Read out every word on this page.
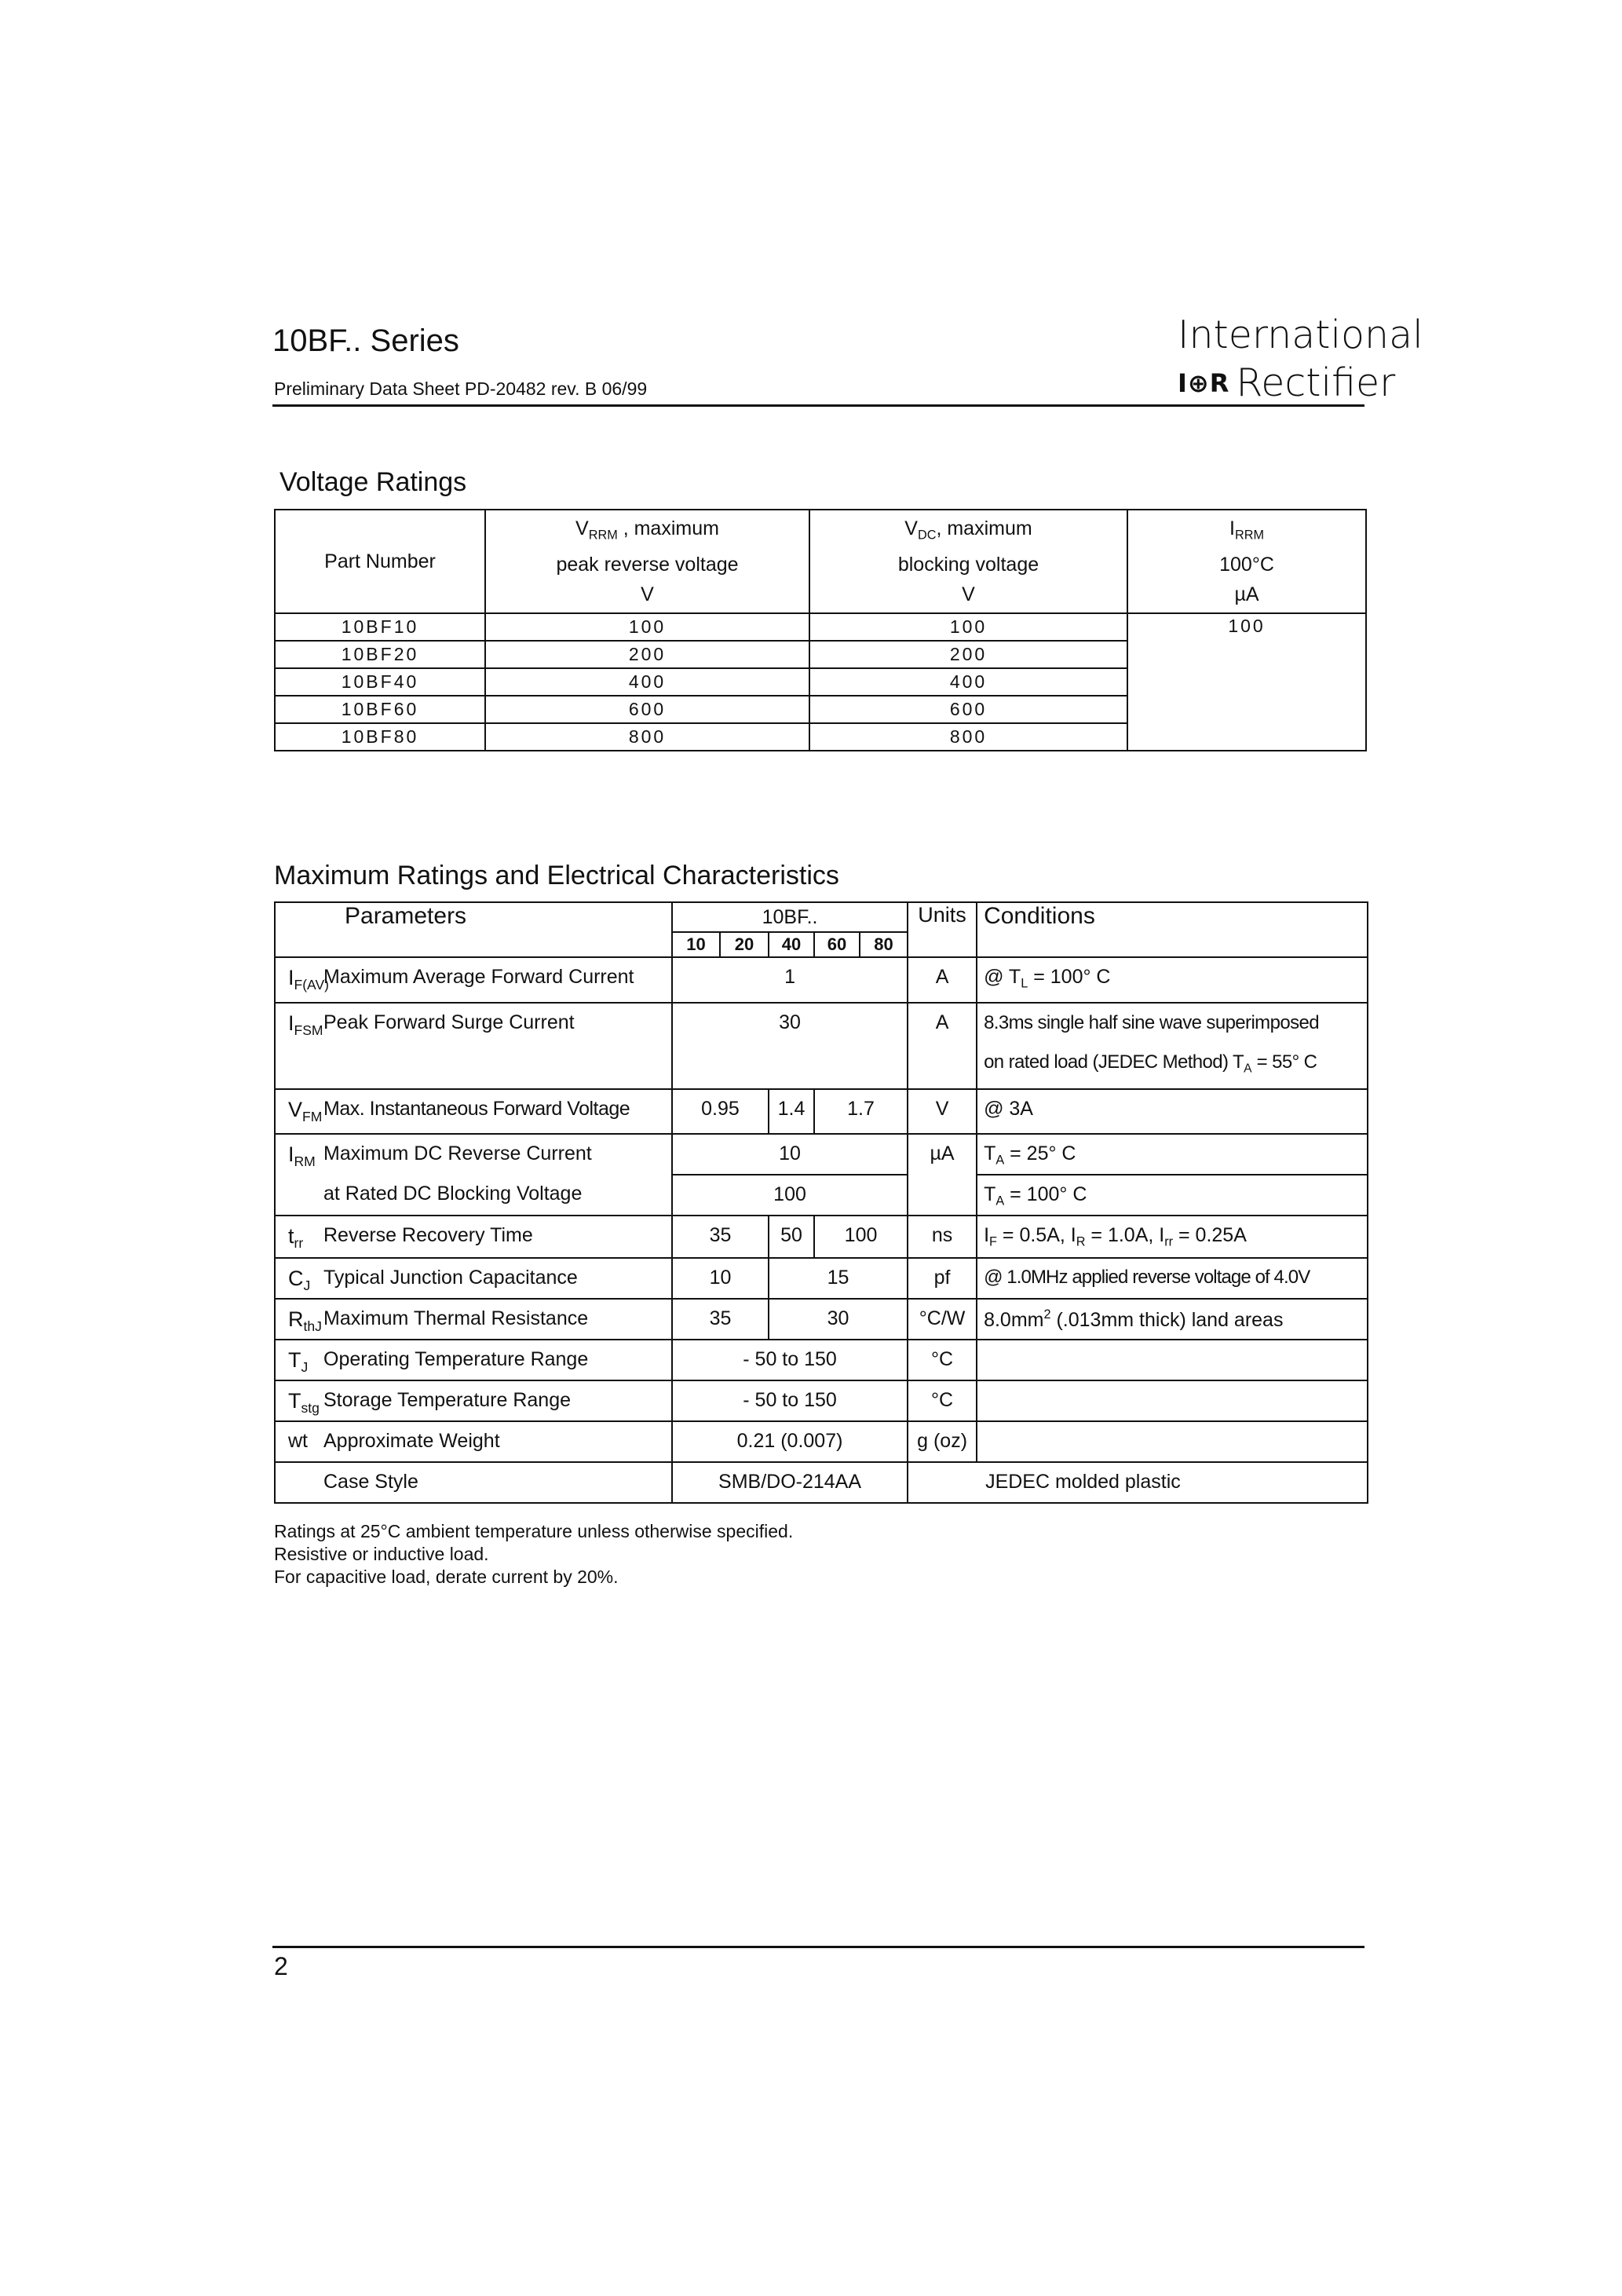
10BF.. Series
Preliminary Data Sheet PD-20482 rev. B 06/99
International
I⊕R Rectifier
Voltage Ratings
Part Number	$V_{RRM}$ , maximum
peak reverse voltage
V	$V_{DC}$, maximum
blocking voltage
V	$I_{RRM}$
100°C
µA
10BF10	100	100	100
10BF20	200	200	
10BF40	400	400	
10BF60	600	600	
10BF80	800	800	
Maximum Ratings and Electrical Characteristics
Parameters		10BF..					Units	Conditions
		10	20	40	60	80		
$I_{F(AV)}$	Maximum Average Forward Current	1					A	@ $T_L = 100^\circ$ C
$I_{FSM}$	Peak Forward Surge Current	30					A	8.3ms single half sine wave superimposed
on rated load (JEDEC Method) $T_A = 55^\circ$ C
$V_{FM}$	Max. Instantaneous Forward Voltage	0.95		1.4	1.7		V	@ 3A
$I_{RM}$	Maximum DC Reverse Current	10					µA	$T_A = 25^\circ$ C
	at Rated DC Blocking Voltage	100						$T_A = 100^\circ$ C
$t_{rr}$	Reverse Recovery Time	35		50	100		ns	$I_F = 0.5A$, $I_R = 1.0A$, $I_{rr} = 0.25A$
$C_J$	Typical Junction Capacitance	10		15			pf	@ 1.0MHz applied reverse voltage of 4.0V
$R_{thJ}$	Maximum Thermal Resistance	35		30			°C/W	$8.0mm^2$ (.013mm thick) land areas
$T_J$	Operating Temperature Range	- 50 to 150					°C	
$T_{stg}$	Storage Temperature Range	- 50 to 150					°C	
wt	Approximate Weight	0.21 (0.007)					g (oz)	
	Case Style	SMB/DO-214AA					JEDEC molded plastic	
Ratings at 25°C ambient temperature unless otherwise specified.
Resistive or inductive load.
For capacitive load, derate current by 20%.
2
